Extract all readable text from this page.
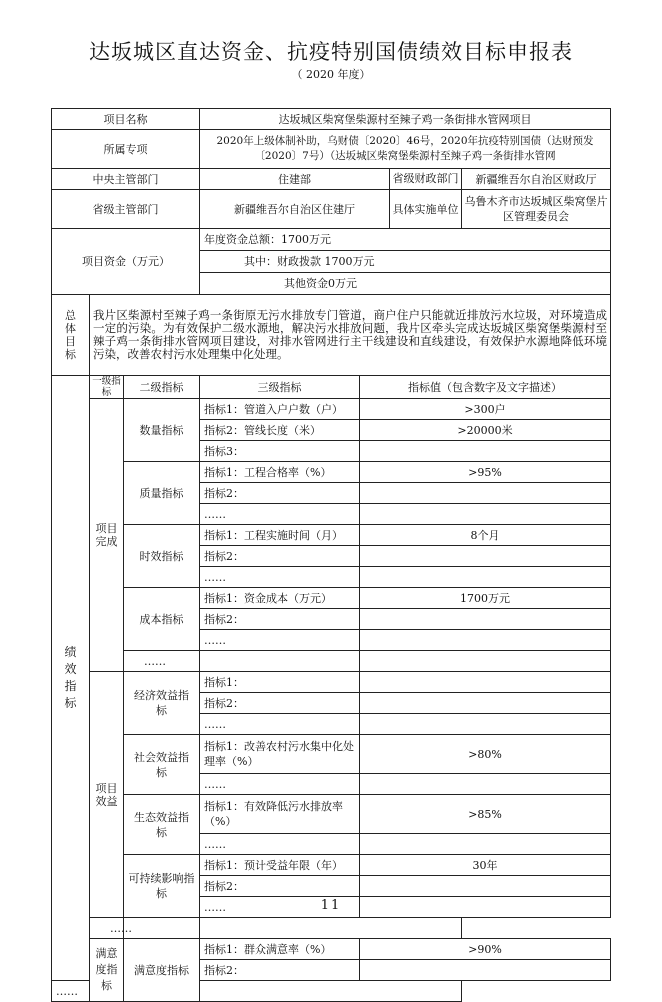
达坂城区直达资金、抗疫特别国债绩效目标申报表
（ 2020 年度）
项目名称			达坂城区柴窝堡柴源村至辣子鸡一条街排水管网项目			
所属专项			2020年上级体制补助，乌财债〔2020〕46号，2020年抗疫特别国债（达财预发〔2020〕7号）（达坂城区柴窝堡柴源村至辣子鸡一条街排水管网			
中央主管部门			住建部		省级财政部门	新疆维吾尔自治区财政厅
省级主管部门			新疆维吾尔自治区住建厅		具体实施单位	乌鲁木齐市达坂城区柴窝堡片区管理委员会
项目资金（万元）			年度资金总额：1700万元			
			其中：财政拨款 1700万元			
			其他资金0万元			
总体目标	我片区柴源村至辣子鸡一条街原无污水排放专门管道，商户住户只能就近排放污水垃圾，对环境造成一定的污染。为有效保护二级水源地，解决污水排放问题，我片区牵头完成达坂城区柴窝堡柴源村至辣子鸡一条街排水管网项目建设，对排水管网进行主干线建设和直线建设，有效保护水源地降低环境污染，改善农村污水处理集中化处理。					
绩效指标	一级指标	二级指标	三级指标	指标值（包含数字及文字描述）		
	项目完成	数量指标	指标1：管道入户户数（户）	>300户		
			指标2：管线长度（米）	>20000米		
			指标3：			
		质量指标	指标1：工程合格率（%）	>95%		
			指标2：			
			……			
		时效指标	指标1：工程实施时间（月）	8个月		
			指标2：			
			……			
		成本指标	指标1：资金成本（万元）	1700万元		
			指标2：			
			……			
		……				
	项目效益	经济效益指标	指标1：			
			指标2：			
			……			
		社会效益指标	指标1：改善农村污水集中化处理率（%）	>80%		
			……			
		生态效益指标	指标1：有效降低污水排放率（%）	>85%		
			……			
		可持续影响指标	指标1：预计受益年限（年）	30年		
			指标2：			
			……			
	……					
	满意度指标	满意度指标	指标1：群众满意率（%）	>90%		
			指标2：			
……						
11
